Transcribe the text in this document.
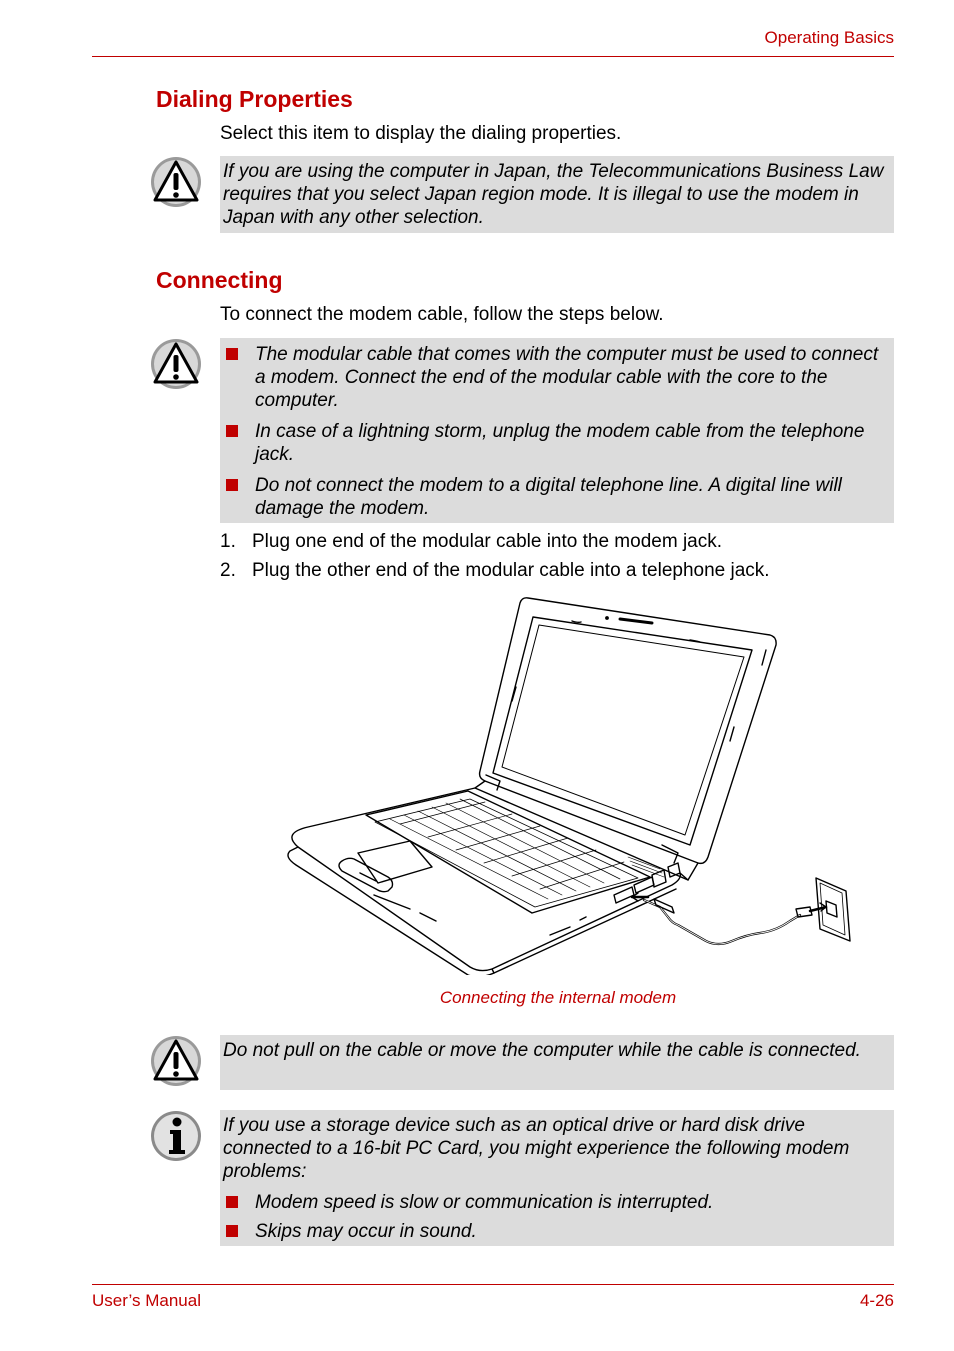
Operating Basics
Dialing Properties
Select this item to display the dialing properties.

If you are using the computer in Japan, the Telecommunications Business Law requires that you select Japan region mode. It is illegal to use the modem in Japan with any other selection.

Connecting
To connect the modem cable, follow the steps below.
The modular cable that comes with the computer must be used to connect a modem. Connect the end of the modular cable with the core to the computer.
In case of a lightning storm, unplug the modem cable from the telephone jack.
Do not connect the modem to a digital telephone line. A digital line will damage the modem.
1. Plug one end of the modular cable into the modem jack.
2. Plug the other end of the modular cable into a telephone jack.
Connecting the internal modem

Do not pull on the cable or move the computer while the cable is connected.

If you use a storage device such as an optical drive or hard disk drive connected to a 16-bit PC Card, you might experience the following modem problems:

Modem speed is slow or communication is interrupted.
Skips may occur in sound.
User’s Manual	4-26
